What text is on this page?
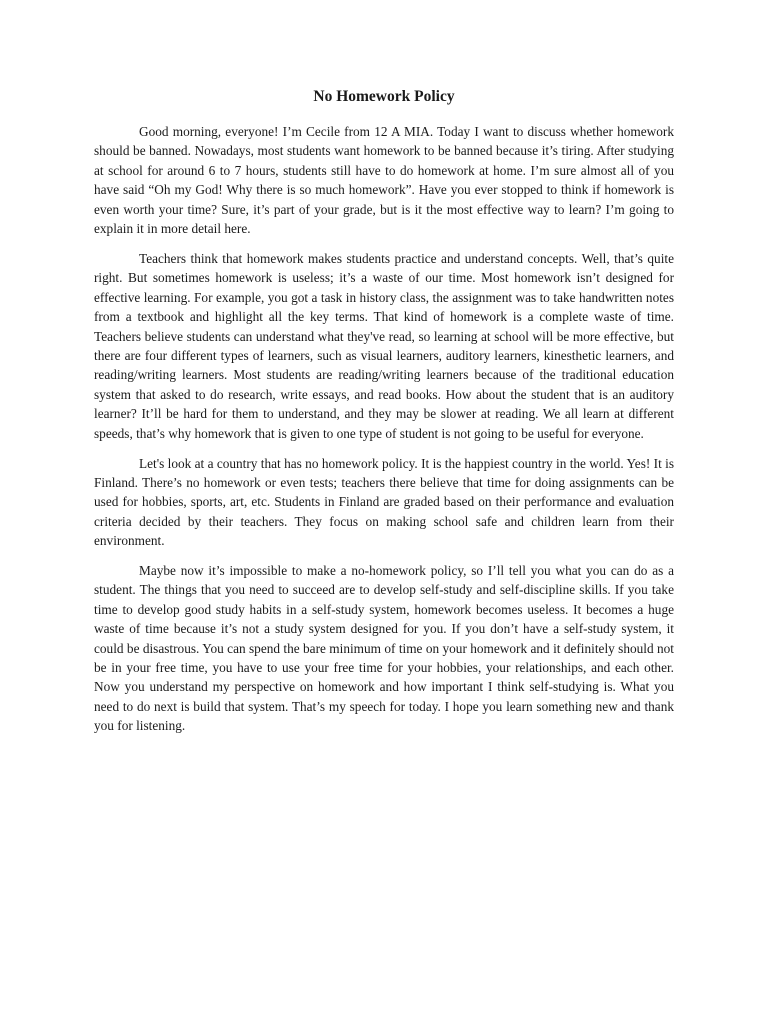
No Homework Policy

Good morning, everyone! I’m Cecile from 12 A MIA. Today I want to discuss whether homework should be banned. Nowadays, most students want homework to be banned because it’s tiring. After studying at school for around 6 to 7 hours, students still have to do homework at home. I’m sure almost all of you have said “Oh my God! Why there is so much homework”. Have you ever stopped to think if homework is even worth your time? Sure, it’s part of your grade, but is it the most effective way to learn? I’m going to explain it in more detail here.

Teachers think that homework makes students practice and understand concepts. Well, that’s quite right. But sometimes homework is useless; it’s a waste of our time. Most homework isn’t designed for effective learning. For example, you got a task in history class, the assignment was to take handwritten notes from a textbook and highlight all the key terms. That kind of homework is a complete waste of time. Teachers believe students can understand what they've read, so learning at school will be more effective, but there are four different types of learners, such as visual learners, auditory learners, kinesthetic learners, and reading/writing learners. Most students are reading/writing learners because of the traditional education system that asked to do research, write essays, and read books. How about the student that is an auditory learner? It’ll be hard for them to understand, and they may be slower at reading. We all learn at different speeds, that’s why homework that is given to one type of student is not going to be useful for everyone.

Let's look at a country that has no homework policy. It is the happiest country in the world. Yes! It is Finland. There’s no homework or even tests; teachers there believe that time for doing assignments can be used for hobbies, sports, art, etc. Students in Finland are graded based on their performance and evaluation criteria decided by their teachers. They focus on making school safe and children learn from their environment.

Maybe now it’s impossible to make a no-homework policy, so I’ll tell you what you can do as a student. The things that you need to succeed are to develop self-study and self-discipline skills. If you take time to develop good study habits in a self-study system, homework becomes useless. It becomes a huge waste of time because it’s not a study system designed for you. If you don’t have a self-study system, it could be disastrous. You can spend the bare minimum of time on your homework and it definitely should not be in your free time, you have to use your free time for your hobbies, your relationships, and each other. Now you understand my perspective on homework and how important I think self-studying is. What you need to do next is build that system. That’s my speech for today. I hope you learn something new and thank you for listening.
